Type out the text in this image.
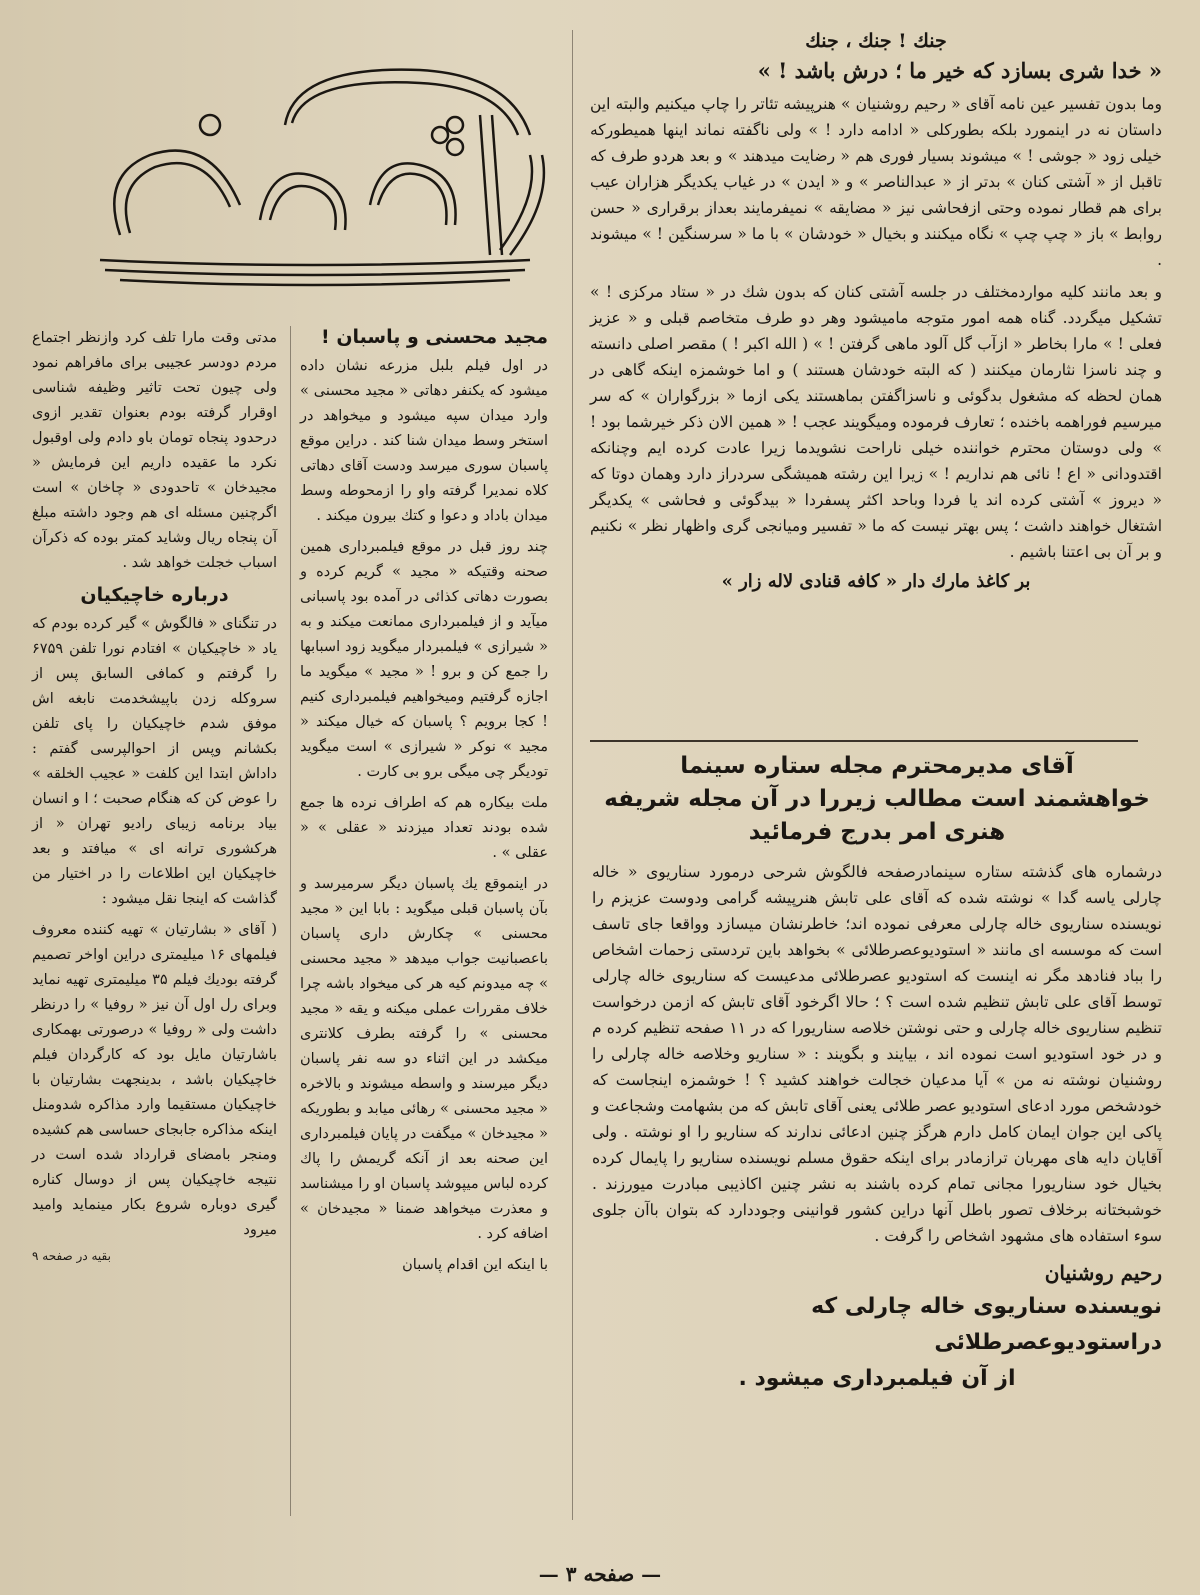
جنك ! جنك ، جنك

« خدا شری بسازد که خیر ما ؛ درش باشد ! »

وما بدون تفسير عين نامه آقای « رحيم روشنيان » هنرپيشه تئاتر را چاپ ميكنيم والبته اين داستان نه در اينمورد بلكه بطوركلی « ادامه دارد ! » ولی ناگفته نماند اينها هميطوركه خيلی زود « جوشی ! » ميشوند بسيار فوری هم « رضايت ميدهند » و بعد هردو طرف كه تاقبل از « آشتی كنان » بدتر از « عبدالناصر » و « ايدن » در غياب يكديگر هزاران عيب برای هم قطار نموده وحتی ازفحاشی نيز « مضايقه » نميفرمايند بعداز برقراری « حسن روابط » باز « چپ چپ » نگاه ميكنند و بخيال « خودشان » با ما « سرسنگين ! » ميشوند .

و بعد مانند كليه مواردمختلف در جلسه آشتی كنان كه بدون شك در « ستاد مركزی ! » تشكيل ميگردد. گناه همه امور متوجه ماميشود وهر دو طرف متخاصم قبلی و « عزيز فعلی ! » مارا بخاطر « ازآب گل آلود ماهی گرفتن ! » ( الله اكبر ! ) مقصر اصلی دانسته و چند ناسزا نثارمان ميكنند ( كه البته خودشان هستند ) و اما خوشمزه اينكه گاهی در همان لحظه كه مشغول بدگوئی و ناسزاگفتن بماهستند يكی ازما « بزرگواران » كه سر ميرسيم فوراهمه باخنده ؛ تعارف فرموده وميگويند عجب ! « همين الان ذكر خيرشما بود ! » ولی دوستان محترم خواننده خيلی ناراحت نشويدما زيرا عادت كرده ايم وچنانكه اقتدودانی « اع ! نائی هم نداريم ! » زيرا اين رشته هميشگی سردراز دارد وهمان دوتا كه « ديروز » آشتی كرده اند يا فردا وباحد اكثر پسفردا « بيدگوئی و فحاشی » يكديگر اشتغال خواهند داشت ؛ پس بهتر نيست كه ما « تفسير ومیانجی گری واظهار نظر » نكنيم و بر آن بی اعتنا باشيم .

بر كاغذ مارك دار « كافه قنادی لاله زار »

آقای مديرمحترم مجله ستاره سينما

خواهشمند است مطالب زيررا در آن مجله شريفه

هنری امر بدرج فرمائيد

درشماره های گذشته ستاره سينمادرصفحه فالگوش شرحی درمورد سناريوی « خاله چارلی ياسه گدا » نوشته شده كه آقای علی تابش هنرپيشه گرامی ودوست عزيزم را نويسنده سناريوی خاله چارلی معرفی نموده اند؛ خاطرنشان ميسازد وواقعا جای تاسف است كه موسسه ای مانند « استوديوعصرطلائی » بخواهد باين تردستی زحمات اشخاص را بباد فنادهد مگر نه اينست كه استوديو عصرطلائی مدعيست كه سناريوی خاله چارلی توسط آقای علی تابش تنظيم شده است ؟ ؛ حالا اگرخود آقای تابش كه ازمن درخواست تنظيم سناريوی خاله چارلی و حتی نوشتن خلاصه سناريورا كه در ۱۱ صفحه تنظيم كرده م و در خود استوديو است نموده اند ، بيايند و بگويند : « سناريو وخلاصه خاله چارلی را روشنيان نوشته نه من » آيا مدعيان خجالت خواهند كشيد ؟ ! خوشمزه اينجاست كه خودشخص مورد ادعای استوديو عصر طلائی يعنی آقای تابش كه من بشهامت وشجاعت و پاكی اين جوان ايمان كامل دارم هرگز چنين ادعائی ندارند كه سناريو را او نوشته . ولی آقايان دايه های مهربان ترازمادر برای اينكه حقوق مسلم نويسنده سناريو را پايمال كرده بخيال خود سناريورا مجانی تمام كرده باشند به نشر چنين اكاذيبی مبادرت ميورزند . خوشبختانه برخلاف تصور باطل آنها دراين كشور قوانينی وجوددارد كه بتوان باآن جلوی سوء استفاده های مشهود اشخاص را گرفت .

رحيم روشنيان

نويسنده سناريوی خاله چارلی كه دراستوديوعصرطلائی
از آن فيلمبرداری ميشود .

مجيد محسنی و پاسبان !

در اول فيلم بلبل مزرعه نشان داده ميشود كه يكنفر دهاتی « مجيد محسنی » وارد ميدان سپه ميشود و ميخواهد در استخر وسط ميدان شنا كند . دراين موقع پاسبان سوری ميرسد ودست آقای دهاتی كلاه نمديرا گرفته واو را ازمحوطه وسط ميدان باداد و دعوا و كتك بيرون ميكند .

چند روز قبل در موقع فيلمبرداری همين صحنه وقتيكه « مجيد » گريم كرده و بصورت دهاتی كذائی در آمده بود پاسبانی ميآيد و از فيلمبرداری ممانعت ميكند و به « شيرازی » فيلمبردار ميگويد زود اسبابها را جمع كن و برو ! « مجيد » ميگويد ما اجازه گرفتيم وميخواهيم فيلمبرداری كنيم ! كجا برويم ؟ پاسبان كه خيال ميكند « مجيد » نوكر « شيرازی » است ميگويد توديگر چی ميگی برو بی كارت .

ملت بيكاره هم كه اطراف نرده ها جمع شده بودند تعداد ميزدند « عقلی » « عقلی » .

در اينموقع يك پاسبان ديگر سرميرسد و بآن پاسبان قبلی ميگويد : بابا اين « مجيد محسنی » چكارش داری پاسبان باعصبانيت جواب ميدهد « مجيد محسنی » چه ميدونم كيه هر كی ميخواد باشه چرا خلاف مقررات عملی ميكنه و يقه « مجيد محسنی » را گرفته بطرف كلانتری ميكشد در اين اثناء دو سه نفر پاسبان ديگر ميرسند و واسطه ميشوند و بالاخره « مجيد محسنی » رهائی ميابد و بطوريكه « مجيدخان » ميگفت در پايان فيلمبرداری اين صحنه بعد از آنكه گريمش را پاك كرده لباس ميپوشد پاسبان او را ميشناسد و معذرت ميخواهد ضمنا « مجيدخان » اضافه كرد .

با اينكه اين اقدام پاسبان

مدتی وقت مارا تلف كرد وازنظر اجتماع مردم دودسر عجيبی برای مافراهم نمود ولی چيون تحت تاثير وظيفه شناسی اوقرار گرفته بودم بعنوان تقدير ازوی درحدود پنجاه تومان باو دادم ولی اوقبول نكرد ما عقيده داريم اين فرمايش « مجيدخان » تاحدودی « چاخان » است اگرچنين مسئله ای هم وجود داشته مبلغ آن پنجاه ريال وشايد كمتر بوده كه ذكرآن اسباب خجلت خواهد شد .

درباره خاچيكيان

در تنگنای « فالگوش » گير كرده بودم كه ياد « خاچيكيان » افتادم نورا تلفن ۶۷۵۹ را گرفتم و كمافی السابق پس از سروكله زدن باپيشخدمت نابغه اش موفق شدم خاچيكيان را پای تلفن بكشانم وپس از احوالپرسی گفتم : داداش ابتدا اين كلفت « عجيب الخلقه » را عوض كن كه هنگام صحبت ؛ ا و انسان بياد برنامه زيبای راديو تهران « از هركشوری ترانه ای » ميافتد و بعد خاچيكيان اين اطلاعات را در اختيار من گذاشت كه اينجا نقل ميشود :

( آقای « بشارتيان » تهيه كننده معروف فيلمهای ۱۶ ميليمتری دراين اواخر تصميم گرفته بوديك فيلم ۳۵ ميليمتری تهيه نمايد وبرای رل اول آن نيز « روفيا » را درنظر داشت ولی « روفيا » درصورتی بهمكاری باشارتيان مايل بود كه كارگردان فيلم خاچيكيان باشد ، بدينجهت بشارتيان با خاچيكيان مستقيما وارد مذاكره شدومنل اينكه مذاكره جابجای حساسی هم كشيده ومنجر بامضای قرارداد شده است در نتيجه خاچيكيان پس از دوسال كناره گيری دوباره شروع بكار مينمايد وامید ميرود

بقيه در صفحه ۹

— صفحه ۳ —
